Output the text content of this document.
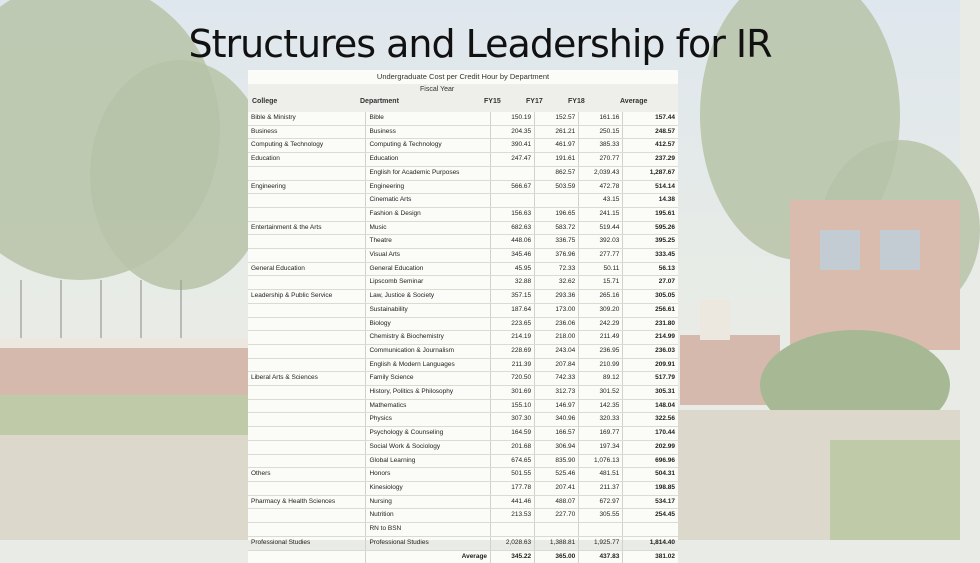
Structures and Leadership for IR
Undergraduate Cost per Credit Hour by Department
Fiscal Year
College	Department	FY15	FY17	FY18	Average
Bible & Ministry	Bible	150.19	152.57	161.16	157.44
Business	Business	204.35	261.21	250.15	248.57
Computing & Technology	Computing & Technology	390.41	461.97	385.33	412.57
Education	Education	247.47	191.61	270.77	237.29
	English for Academic Purposes		862.57	2,039.43	1,287.67
Engineering	Engineering	566.67	503.59	472.78	514.14
	Cinematic Arts			43.15	14.38
	Fashion & Design	156.63	196.65	241.15	195.61
Entertainment & the Arts	Music	682.63	583.72	519.44	595.26
	Theatre	448.06	336.75	392.03	395.25
	Visual Arts	345.46	376.96	277.77	333.45
General Education	General Education	45.95	72.33	50.11	56.13
	Lipscomb Seminar	32.88	32.62	15.71	27.07
Leadership & Public Service	Law, Justice & Society	357.15	293.36	265.16	305.05
	Sustainability	187.64	173.00	309.20	256.61
	Biology	223.65	236.06	242.29	231.80
	Chemistry & Biochemistry	214.19	218.00	211.49	214.99
	Communication & Journalism	228.69	243.04	236.95	236.03
	English & Modern Languages	211.39	207.84	210.99	209.91
Liberal Arts & Sciences	Family Science	720.50	742.33	89.12	517.79
	History, Politics & Philosophy	301.69	312.73	301.52	305.31
	Mathematics	155.10	146.97	142.35	148.04
	Physics	307.30	340.96	320.33	322.56
	Psychology & Counseling	164.59	166.57	169.77	170.44
	Social Work & Sociology	201.68	306.94	197.34	202.99
	Global Learning	674.65	835.90	1,076.13	696.96
Others	Honors	501.55	525.46	481.51	504.31
	Kinesiology	177.78	207.41	211.37	198.85
Pharmacy & Health Sciences	Nursing	441.46	488.07	672.97	534.17
	Nutrition	213.53	227.70	305.55	254.45
	RN to BSN				
Professional Studies	Professional Studies	2,028.63	1,388.81	1,925.77	1,814.40
	Average	345.22	365.00	437.83	381.02
